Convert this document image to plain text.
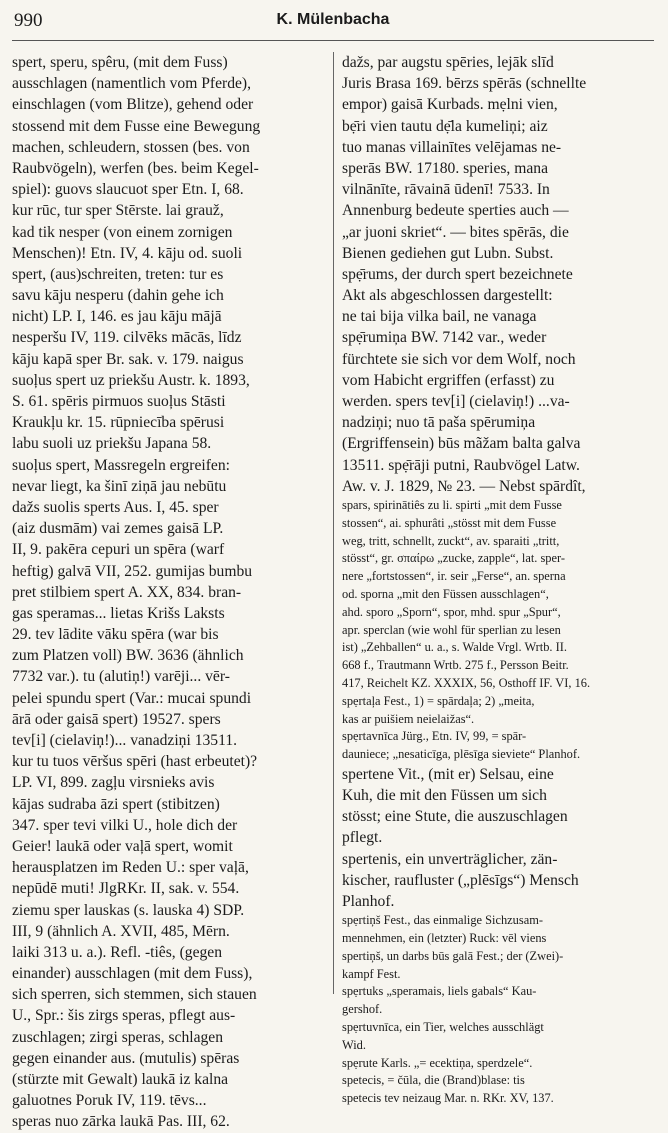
990	K. Mülenbacha
spert, speru, spêru, (mit dem Fuss)
ausschlagen (namentlich vom Pferde),
einschlagen (vom Blitze), gehend oder
stossend mit dem Fusse eine Bewegung
machen, schleudern, stossen (bes. von
Raubvögeln), werfen (bes. beim Kegel-
spiel): guovs slaucuot sper Etn. I, 68.
kur rūc, tur sper Stērste. lai grauž,
kad tik nesper (von einem zornigen
Menschen)! Etn. IV, 4. kāju od. suoli
spert, (aus)schreiten, treten: tur es
savu kāju nesperu (dahin gehe ich
nicht) LP. I, 146. es jau kāju mājā
nesperšu IV, 119. cilvēks mācās, līdz
kāju kapā sper Br. sak. v. 179. naigus
suoļus spert uz priekšu Austr. k. 1893,
S. 61. spēris pirmuos suoļus Stāsti
Kraukļu kr. 15. rūpniecība spērusi
labu suoli uz priekšu Japana 58.
suoļus spert, Massregeln ergreifen:
nevar liegt, ka šinī ziņā jau nebūtu
dažs suolis sperts Aus. I, 45. sper
(aiz dusmām) vai zemes gaisā LP.
II, 9. pakēra cepuri un spēra (warf
heftig) galvā VII, 252. gumijas bumbu
pret stilbiem spert A. XX, 834. bran-
gas speramas... lietas Krišs Laksts
29. tev lādite vāku spēra (war bis
zum Platzen voll) BW. 3636 (ähnlich
7732 var.). tu (alutiņ!) varēji... vēr-
pelei spundu spert (Var.: mucai spundi
ārā oder gaisā spert) 19527. spers
tev[i] (cielaviņ!)... vanadziņi 13511.
kur tu tuos vēršus spēri (hast erbeutet)?
LP. VI, 899. zagļu virsnieks avis
kājas sudraba āzi spert (stibitzen)
347. sper tevi vilki U., hole dich der
Geier! laukā oder vaļā spert, womit
herausplatzen im Reden U.: sper vaļā,
nepūdē muti! JlgRKr. II, sak. v. 554.
ziemu sper lauskas (s. lauska 4) SDP.
III, 9 (ähnlich A. XVII, 485, Mērn.
laiki 313 u. a.). Refl. -tiês, (gegen
einander) ausschlagen (mit dem Fuss),
sich sperren, sich stemmen, sich stauen
U., Spr.: šis zirgs speras, pflegt aus-
zuschlagen; zirgi speras, schlagen
gegen einander aus. (mutulis) spēras
(stürzte mit Gewalt) laukā iz kalna
galuotnes Poruk IV, 119. tēvs...
speras nuo zārka laukā Pas. III, 62.
dažs, par augstu spēries, lejāk slīd
Juris Brasa 169. bērzs spērās (schnellte
empor) gaisā Kurbads. mẹlni vien,
bẹ̄ri vien tautu dẹ̄la kumeliņi; aiz
tuo manas villainītes velējamas ne-
sperās BW. 17180. speries, mana
vilnānīte, rāvainā ūdenī! 7533. In
Annenburg bedeute sperties auch —
„ar juoni skriet“. — bites spērās, die
Bienen gediehen gut Lubn. Subst.
spẹ̄rums, der durch spert bezeichnete
Akt als abgeschlossen dargestellt:
ne tai bija vilka bail, ne vanaga
spẹ̄rumiņa BW. 7142 var., weder
fürchtete sie sich vor dem Wolf, noch
vom Habicht ergriffen (erfasst) zu
werden. spers tev[i] (cielaviņ!) ...va-
nadziņi; nuo tā paša spērumiņa
(Ergriffensein) būs mãžam balta galva
13511. spẹ̄rāji putni, Raubvögel Latw.
Aw. v. J. 1829, № 23. — Nebst spārdît,
spars, spirinātiês zu li. spirti „mit dem Fusse
stossen“, ai. sphurâti „stösst mit dem Fusse
weg, tritt, schnellt, zuckt“, av. sparaiti „tritt,
stösst“, gr. σπαίρω „zucke, zapple“, lat. sper-
nere „fortstossen“, ir. seir „Ferse“, an. sperna
od. sporna „mit den Füssen ausschlagen“,
ahd. sporo „Sporn“, spor, mhd. spur „Spur“,
apr. sperclan (wie wohl für sperlian zu lesen
ist) „Zehballen“ u. a., s. Walde Vrgl. Wrtb. II.
668 f., Trautmann Wrtb. 275 f., Persson Beitr.
417, Reichelt KZ. XXXIX, 56, Osthoff IF. VI, 16.
spẹrtaļa Fest., 1) = spārdaļa; 2) „meita,
kas ar puišiem neielaižas“.
spẹrtavnīca Jürg., Etn. IV, 99, = spār-
dauniece; „nesaticīga, plēsīga sieviete“ Planhof.
spertene Vit., (mit er) Selsau, eine
Kuh, die mit den Füssen um sich
stösst; eine Stute, die auszuschlagen
pflegt.
spertenis, ein unverträglicher, zän-
kischer, raufluster („plēsīgs“) Mensch
Planhof.
spẹrtiņš Fest., das einmalige Sichzusam-
mennehmen, ein (letzter) Ruck: vēl viens
spertiņš, un darbs būs galā Fest.; der (Zwei)-
kampf Fest.
spẹrtuks „speramais, liels gabals“ Kau-
gershof.
spẹrtuvnīca, ein Tier, welches ausschlägt
Wid.
spẹrute Karls. „= ecektiņa, sperdzele“.
spetecis, = čūla, die (Brand)blase: tis
spetecis tev neizaug Mar. n. RKr. XV, 137.
